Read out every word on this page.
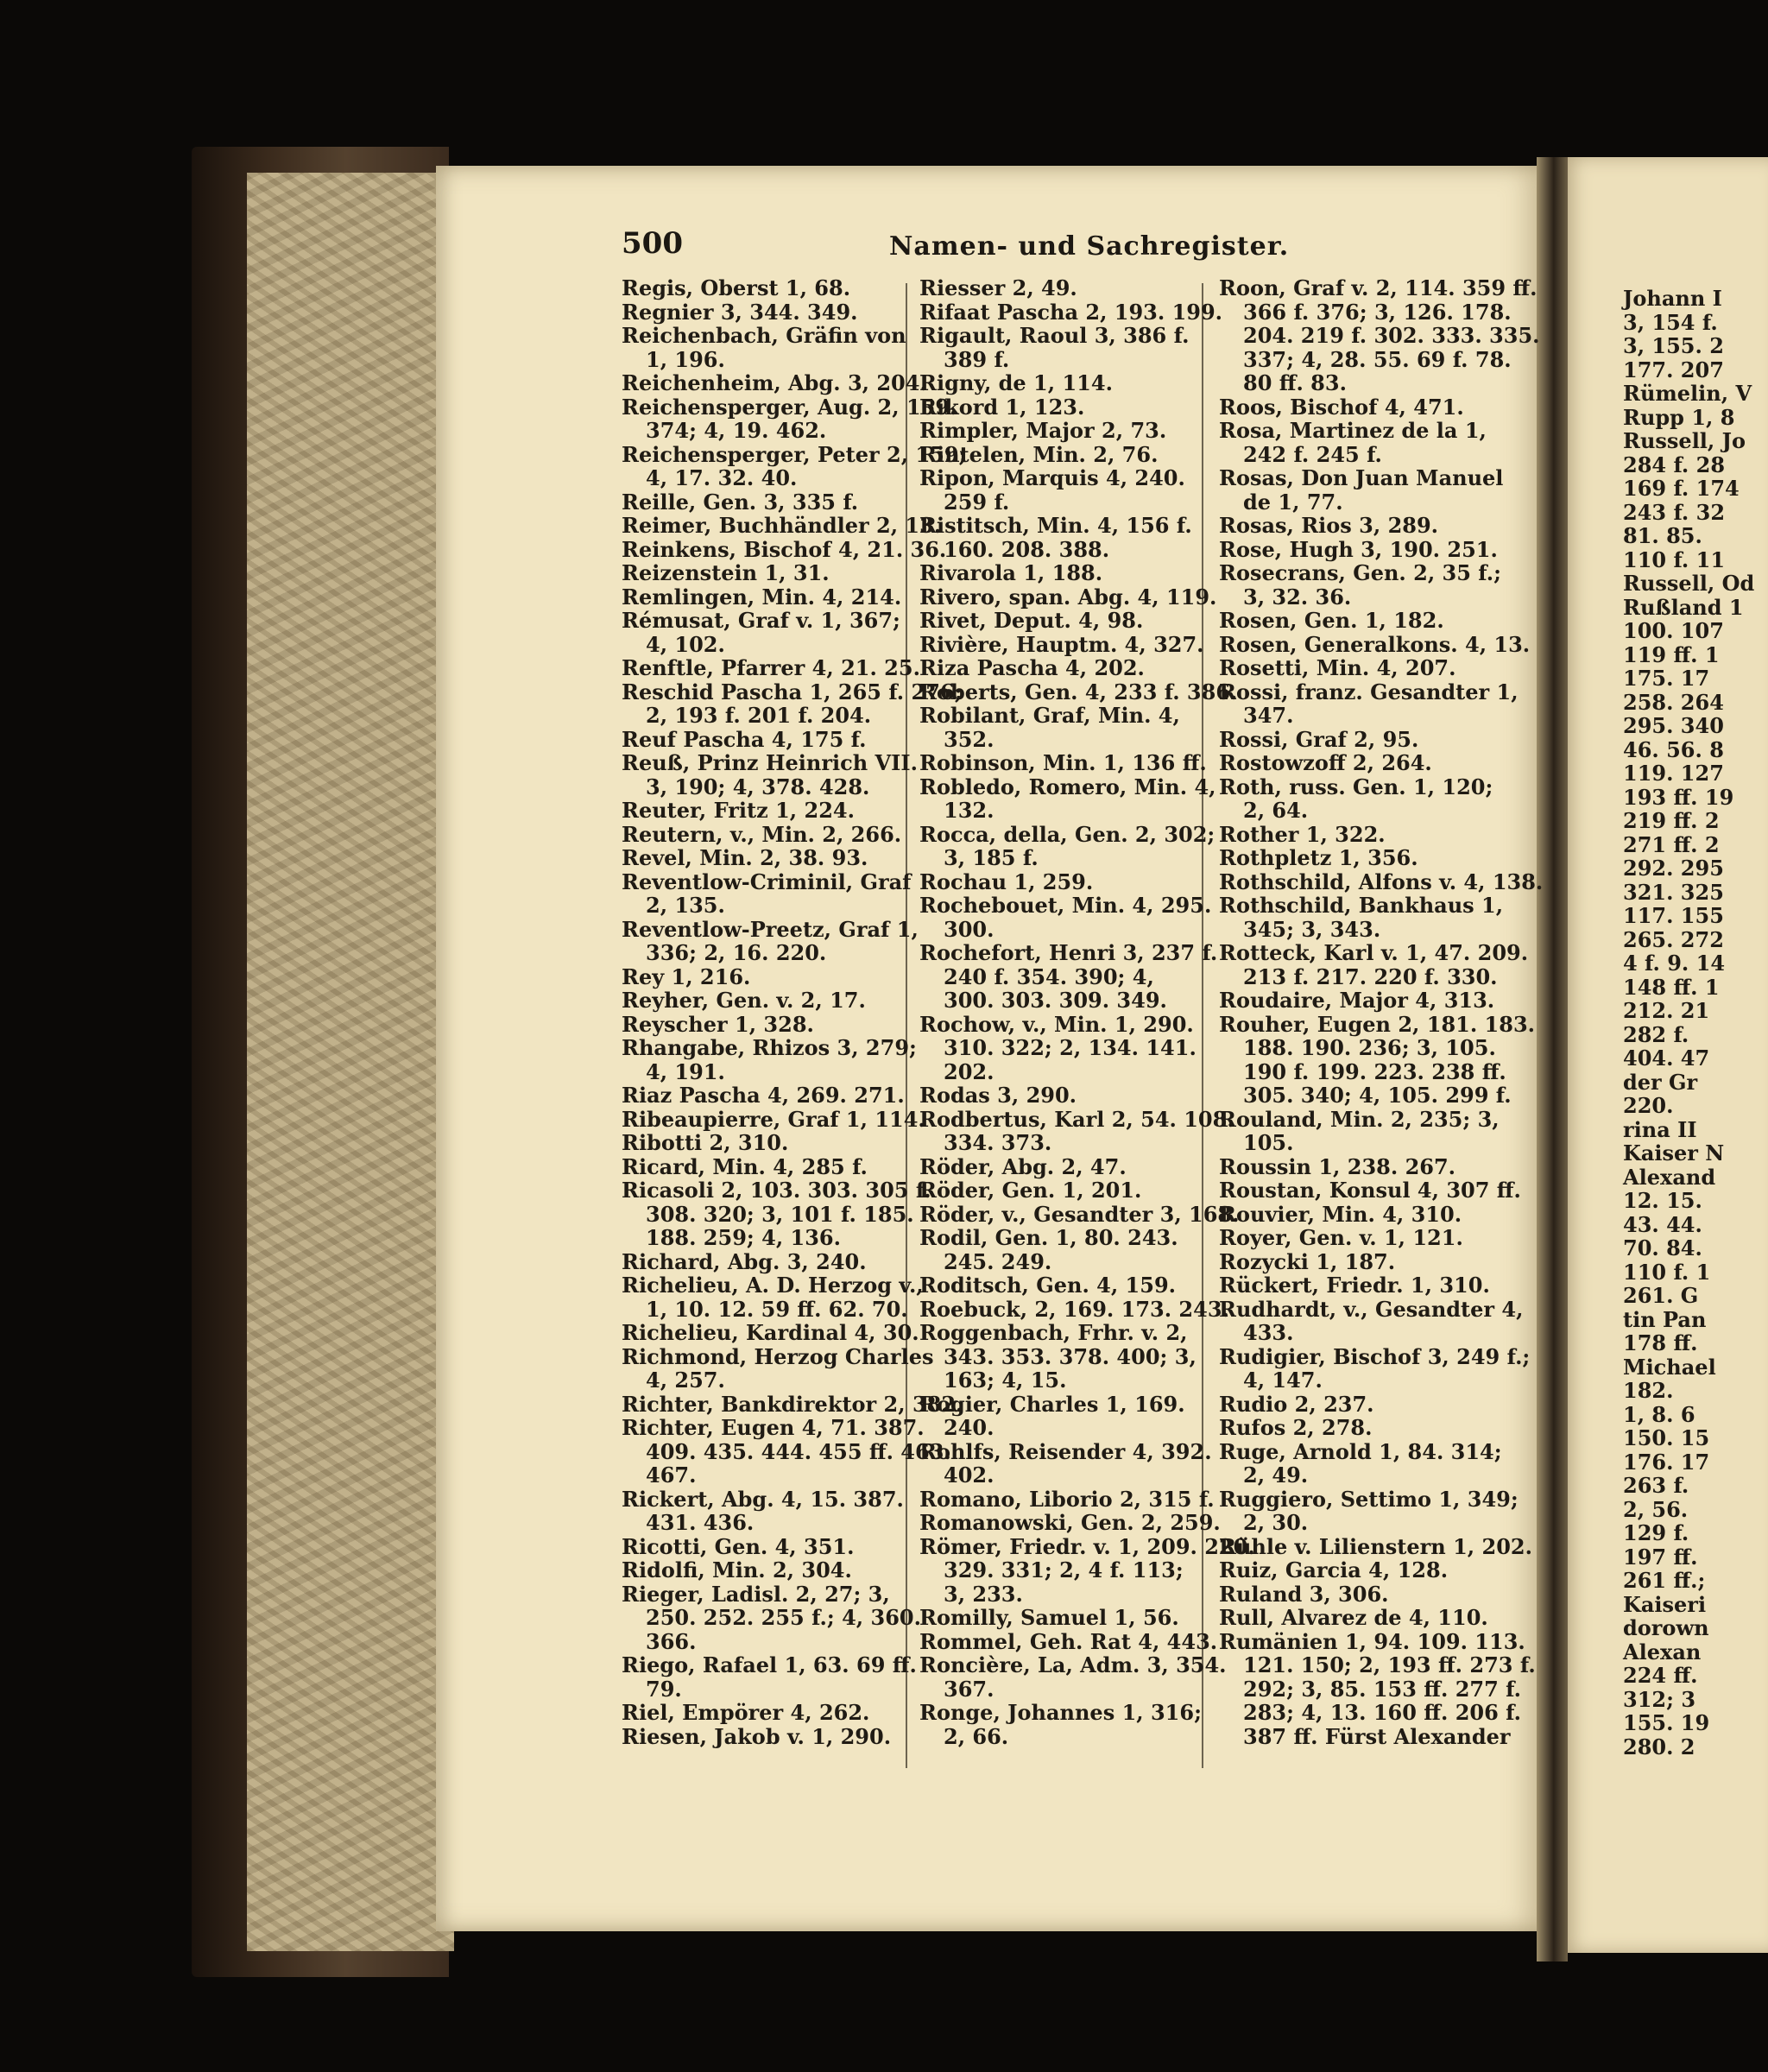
500	Namen- und Sachregister.
Regis, Oberst 1, 68.
Regnier 3, 344. 349.
Reichenbach, Gräfin von
1, 196.
Reichenheim, Abg. 3, 204.
Reichensperger, Aug. 2, 159.
374; 4, 19. 462.
Reichensperger, Peter 2, 159;
4, 17. 32. 40.
Reille, Gen. 3, 335 f.
Reimer, Buchhändler 2, 13.
Reinkens, Bischof 4, 21. 36.
Reizenstein 1, 31.
Remlingen, Min. 4, 214.
Rémusat, Graf v. 1, 367;
4, 102.
Renftle, Pfarrer 4, 21. 25.
Reschid Pascha 1, 265 f. 276;
2, 193 f. 201 f. 204.
Reuf Pascha 4, 175 f.
Reuß, Prinz Heinrich VII.
3, 190; 4, 378. 428.
Reuter, Fritz 1, 224.
Reutern, v., Min. 2, 266.
Revel, Min. 2, 38. 93.
Reventlow-Criminil, Graf
2, 135.
Reventlow-Preetz, Graf 1,
336; 2, 16. 220.
Rey 1, 216.
Reyher, Gen. v. 2, 17.
Reyscher 1, 328.
Rhangabe, Rhizos 3, 279;
4, 191.
Riaz Pascha 4, 269. 271.
Ribeaupierre, Graf 1, 114.
Ribotti 2, 310.
Ricard, Min. 4, 285 f.
Ricasoli 2, 103. 303. 305 f.
308. 320; 3, 101 f. 185.
188. 259; 4, 136.
Richard, Abg. 3, 240.
Richelieu, A. D. Herzog v.,
1, 10. 12. 59 ff. 62. 70.
Richelieu, Kardinal 4, 30.
Richmond, Herzog Charles
4, 257.
Richter, Bankdirektor 2, 382.
Richter, Eugen 4, 71. 387.
409. 435. 444. 455 ff. 463.
467.
Rickert, Abg. 4, 15. 387.
431. 436.
Ricotti, Gen. 4, 351.
Ridolfi, Min. 2, 304.
Rieger, Ladisl. 2, 27; 3,
250. 252. 255 f.; 4, 360.
366.
Riego, Rafael 1, 63. 69 ff.
79.
Riel, Empörer 4, 262.
Riesen, Jakob v. 1, 290.
Riesser 2, 49.
Rifaat Pascha 2, 193. 199.
Rigault, Raoul 3, 386 f.
389 f.
Rigny, de 1, 114.
Rikord 1, 123.
Rimpler, Major 2, 73.
Rintelen, Min. 2, 76.
Ripon, Marquis 4, 240.
259 f.
Ristitsch, Min. 4, 156 f.
160. 208. 388.
Rivarola 1, 188.
Rivero, span. Abg. 4, 119.
Rivet, Deput. 4, 98.
Rivière, Hauptm. 4, 327.
Riza Pascha 4, 202.
Roberts, Gen. 4, 233 f. 386.
Robilant, Graf, Min. 4,
352.
Robinson, Min. 1, 136 ff.
Robledo, Romero, Min. 4,
132.
Rocca, della, Gen. 2, 302;
3, 185 f.
Rochau 1, 259.
Rochebouet, Min. 4, 295.
300.
Rochefort, Henri 3, 237 f.
240 f. 354. 390; 4,
300. 303. 309. 349.
Rochow, v., Min. 1, 290.
310. 322; 2, 134. 141.
202.
Rodas 3, 290.
Rodbertus, Karl 2, 54. 108.
334. 373.
Röder, Abg. 2, 47.
Röder, Gen. 1, 201.
Röder, v., Gesandter 3, 168.
Rodil, Gen. 1, 80. 243.
245. 249.
Roditsch, Gen. 4, 159.
Roebuck, 2, 169. 173. 243.
Roggenbach, Frhr. v. 2,
343. 353. 378. 400; 3,
163; 4, 15.
Rogier, Charles 1, 169.
240.
Rohlfs, Reisender 4, 392.
402.
Romano, Liborio 2, 315 f.
Romanowski, Gen. 2, 259.
Römer, Friedr. v. 1, 209. 220.
329. 331; 2, 4 f. 113;
3, 233.
Romilly, Samuel 1, 56.
Rommel, Geh. Rat 4, 443.
Roncière, La, Adm. 3, 354.
367.
Ronge, Johannes 1, 316;
2, 66.
Roon, Graf v. 2, 114. 359 ff.
366 f. 376; 3, 126. 178.
204. 219 f. 302. 333. 335.
337; 4, 28. 55. 69 f. 78.
80 ff. 83.
Roos, Bischof 4, 471.
Rosa, Martinez de la 1,
242 f. 245 f.
Rosas, Don Juan Manuel
de 1, 77.
Rosas, Rios 3, 289.
Rose, Hugh 3, 190. 251.
Rosecrans, Gen. 2, 35 f.;
3, 32. 36.
Rosen, Gen. 1, 182.
Rosen, Generalkons. 4, 13.
Rosetti, Min. 4, 207.
Rossi, franz. Gesandter 1,
347.
Rossi, Graf 2, 95.
Rostowzoff 2, 264.
Roth, russ. Gen. 1, 120;
2, 64.
Rother 1, 322.
Rothpletz 1, 356.
Rothschild, Alfons v. 4, 138.
Rothschild, Bankhaus 1,
345; 3, 343.
Rotteck, Karl v. 1, 47. 209.
213 f. 217. 220 f. 330.
Roudaire, Major 4, 313.
Rouher, Eugen 2, 181. 183.
188. 190. 236; 3, 105.
190 f. 199. 223. 238 ff.
305. 340; 4, 105. 299 f.
Rouland, Min. 2, 235; 3,
105.
Roussin 1, 238. 267.
Roustan, Konsul 4, 307 ff.
Rouvier, Min. 4, 310.
Royer, Gen. v. 1, 121.
Rozycki 1, 187.
Rückert, Friedr. 1, 310.
Rudhardt, v., Gesandter 4,
433.
Rudigier, Bischof 3, 249 f.;
4, 147.
Rudio 2, 237.
Rufos 2, 278.
Ruge, Arnold 1, 84. 314;
2, 49.
Ruggiero, Settimo 1, 349;
2, 30.
Rühle v. Lilienstern 1, 202.
Ruiz, Garcia 4, 128.
Ruland 3, 306.
Rull, Alvarez de 4, 110.
Rumänien 1, 94. 109. 113.
121. 150; 2, 193 ff. 273 f.
292; 3, 85. 153 ff. 277 f.
283; 4, 13. 160 ff. 206 f.
387 ff. Fürst Alexander
Johann I
3, 154 f.
3, 155. 2
177. 207
Rümelin, V
Rupp 1, 8
Russell, Jo
284 f. 28
169 f. 174
243 f. 32
81. 85.
110 f. 11
Russell, Od
Rußland 1
100. 107
119 ff. 1
175. 17
258. 264
295. 340
46. 56. 8
119. 127
193 ff. 19
219 ff. 2
271 ff. 2
292. 295
321. 325
117. 155
265. 272
4 f. 9. 14
148 ff. 1
212. 21
282 f.
404. 47
der Gr
220.
rina II
Kaiser N
Alexand
12. 15.
43. 44.
70. 84.
110 f. 1
261. G
tin Pan
178 ff.
Michael
182.
1, 8. 6
150. 15
176. 17
263 f.
2, 56.
129 f.
197 ff.
261 ff.;
Kaiseri
dorown
Alexan
224 ff.
312; 3
155. 19
280. 2
